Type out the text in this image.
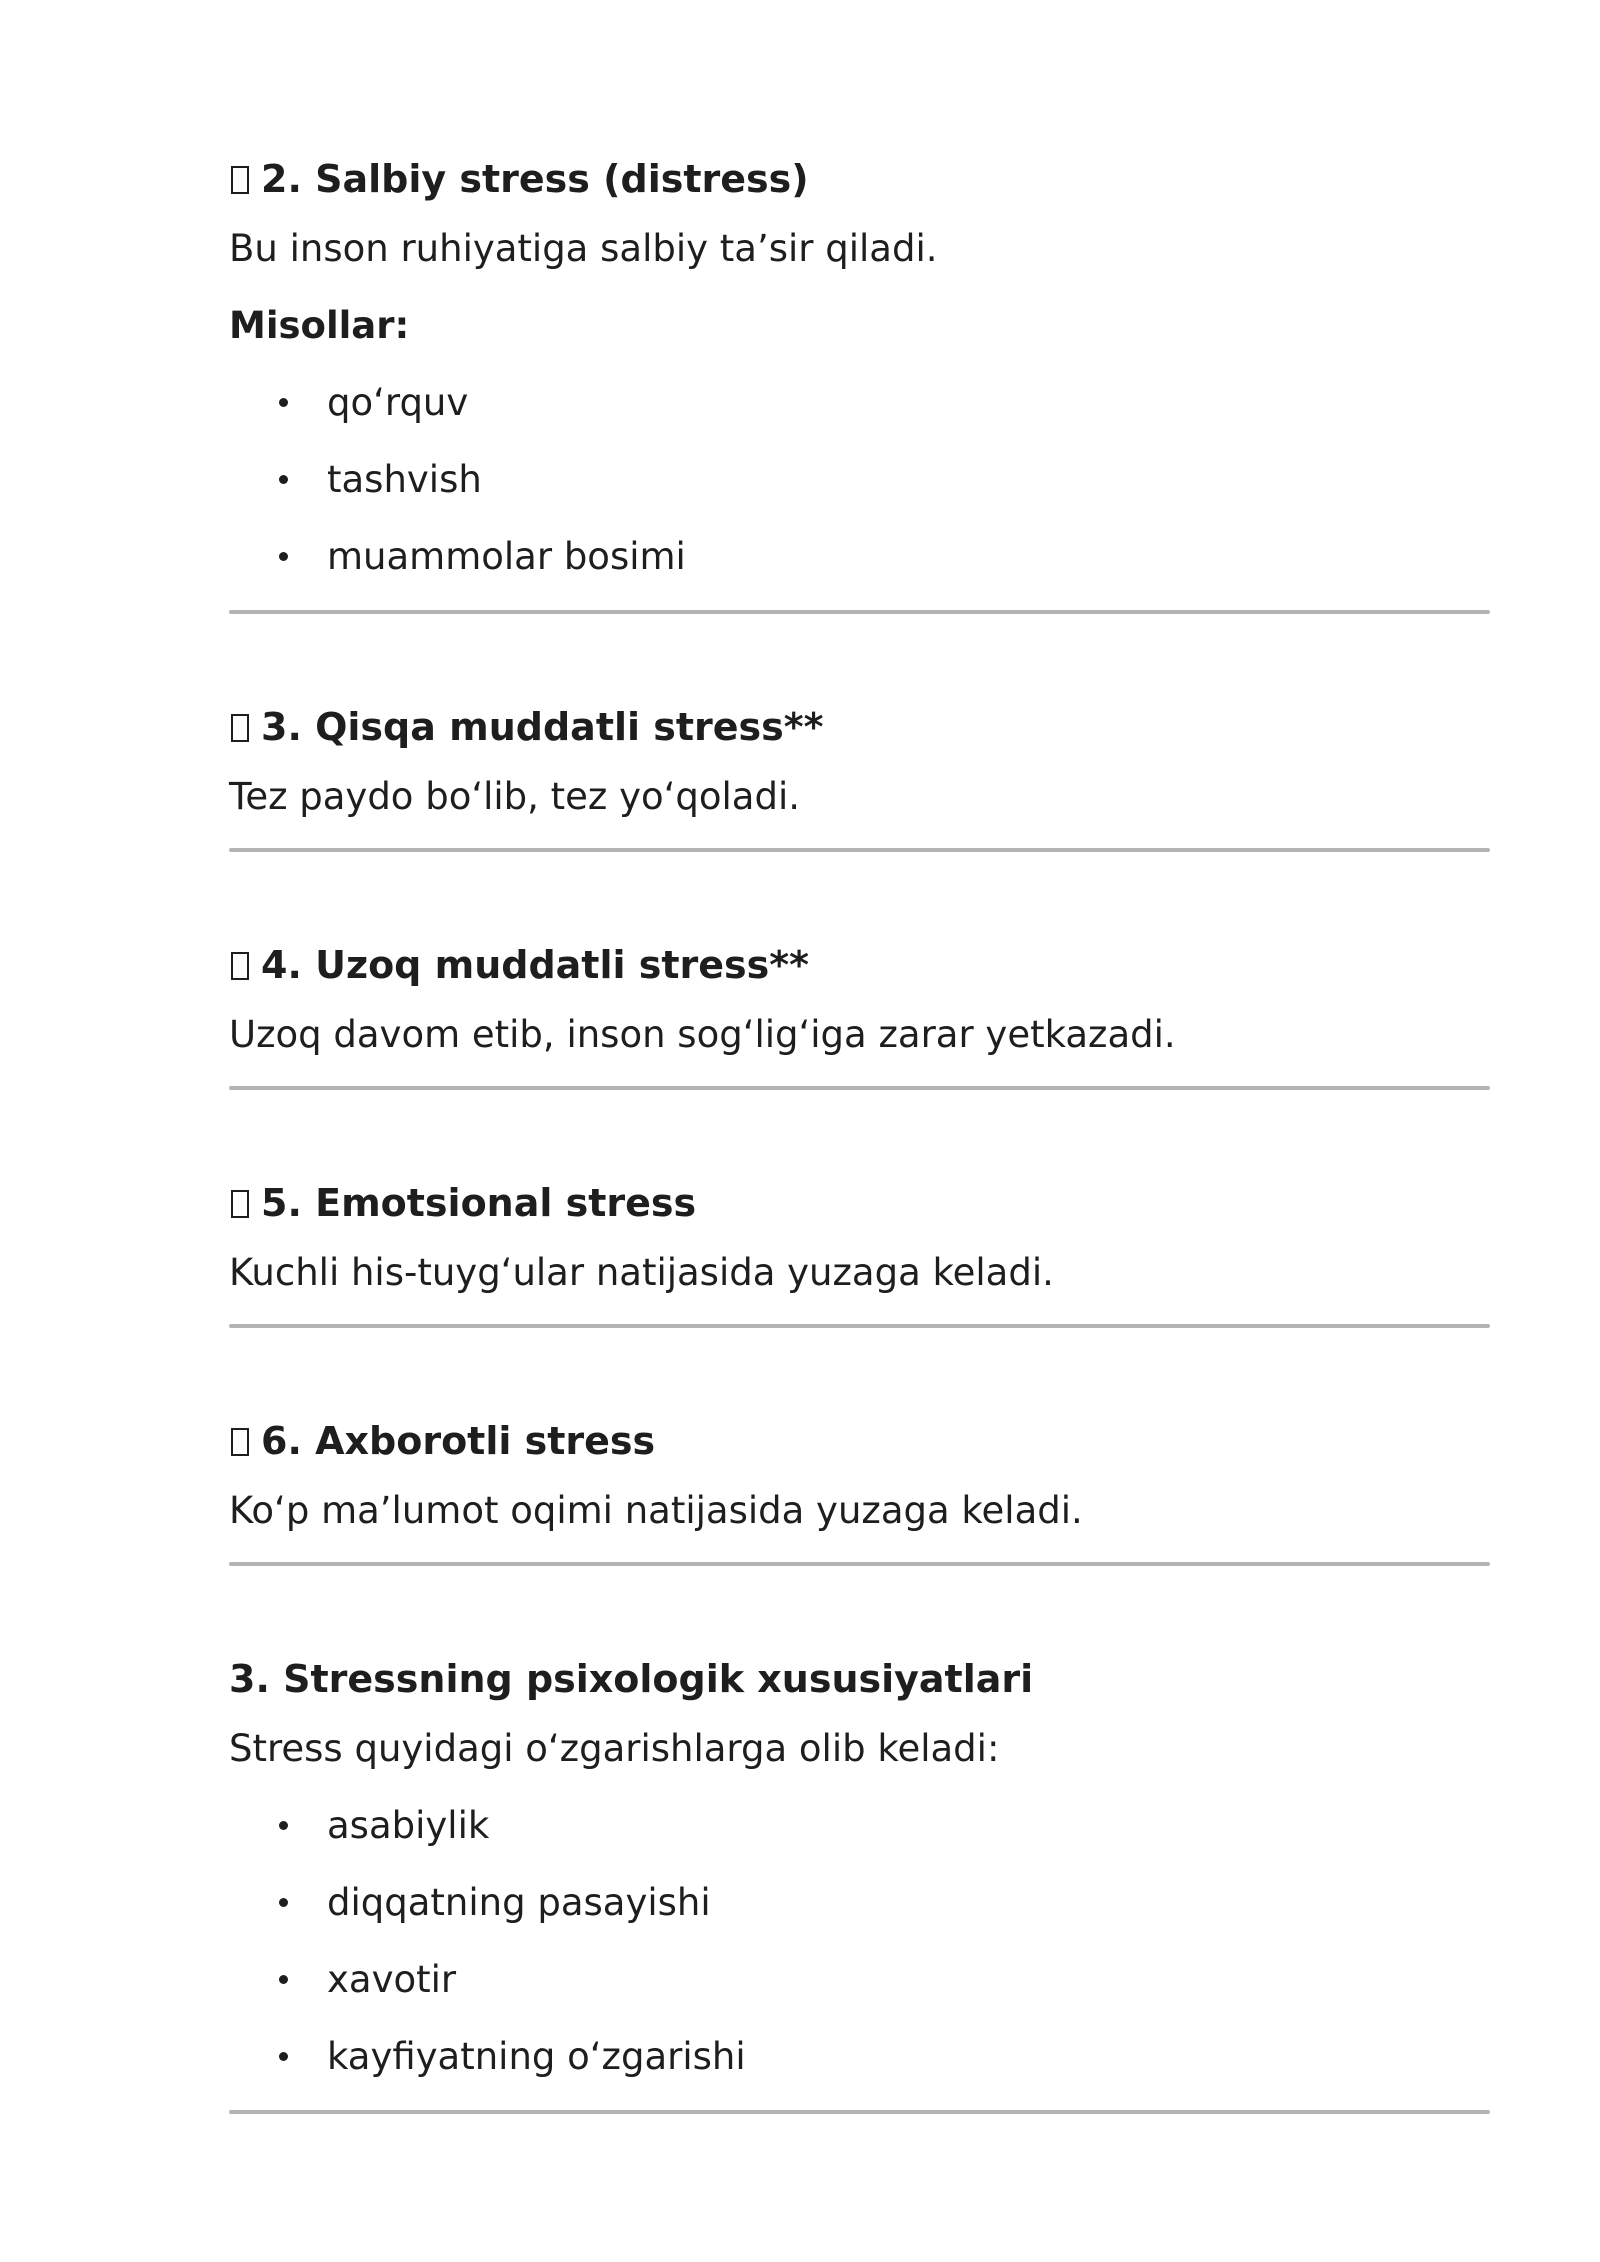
2. Salbiy stress (distress)
Bu inson ruhiyatiga salbiy ta’sir qiladi.
Misollar:
qo‘rquv
tashvish
muammolar bosimi
3. Qisqa muddatli stress**
Tez paydo bo‘lib, tez yo‘qoladi.
4. Uzoq muddatli stress**
Uzoq davom etib, inson sog‘lig‘iga zarar yetkazadi.
5. Emotsional stress
Kuchli his-tuyg‘ular natijasida yuzaga keladi.
6. Axborotli stress
Ko‘p ma’lumot oqimi natijasida yuzaga keladi.
3. Stressning psixologik xususiyatlari
Stress quyidagi o‘zgarishlarga olib keladi:
asabiylik
diqqatning pasayishi
xavotir
kayfiyatning o‘zgarishi
